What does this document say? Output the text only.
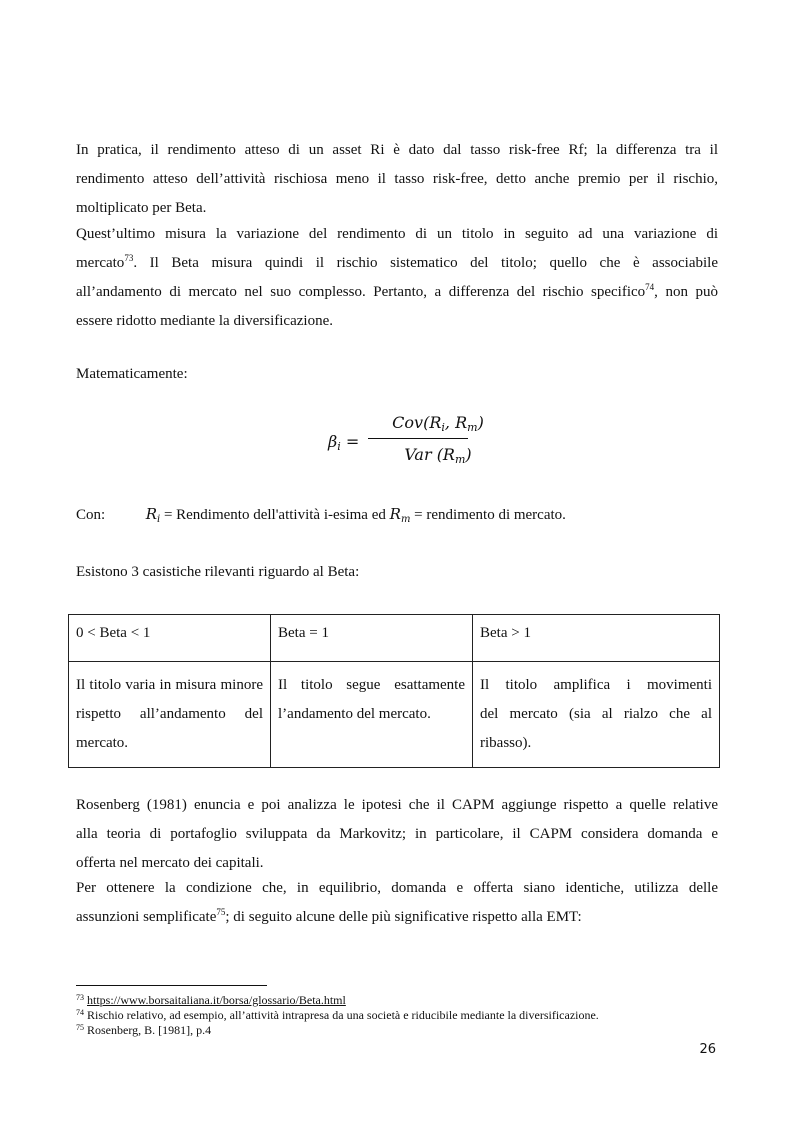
In pratica, il rendimento atteso di un asset Ri è dato dal tasso risk-free Rf; la differenza tra il
rendimento atteso dell’attività rischiosa meno il tasso risk-free, detto anche premio per il rischio,
moltiplicato per Beta.
Quest’ultimo misura la variazione del rendimento di un titolo in seguito ad una variazione di
mercato$^{73}$. Il Beta misura quindi il rischio sistematico del titolo; quello che è associabile
all’andamento di mercato nel suo complesso. Pertanto, a differenza del rischio specifico$^{74}$, non può
essere ridotto mediante la diversificazione.
Matematicamente:
$\beta_i$ =
$Cov(R_i$, $R_m$)
Var $(R_m)$
Con:	$R_i$ = Rendimento dell'attività i-esima ed $R_m$ = rendimento di mercato.
Esistono 3 casistiche rilevanti riguardo al Beta:
0 < Beta < 1	Beta = 1	Beta > 1

Il titolo varia in misura minore
rispetto all’andamento del
mercato.	Il titolo segue esattamente
l’andamento del mercato.	Il titolo amplifica i movimenti
del mercato (sia al rialzo che al
ribasso).
Rosenberg (1981) enuncia e poi analizza le ipotesi che il CAPM aggiunge rispetto a quelle relative
alla teoria di portafoglio sviluppata da Markovitz; in particolare, il CAPM considera domanda e
offerta nel mercato dei capitali.
Per ottenere la condizione che, in equilibrio, domanda e offerta siano identiche, utilizza delle
assunzioni semplificate$^{75}$; di seguito alcune delle più significative rispetto alla EMT:
$^{73}$ https://www.borsaitaliana.it/borsa/glossario/Beta.html
$^{74}$ Rischio relativo, ad esempio, all’attività intrapresa da una società e riducibile mediante la diversificazione.
$^{75}$ Rosenberg, B. [1981], p.4
26
